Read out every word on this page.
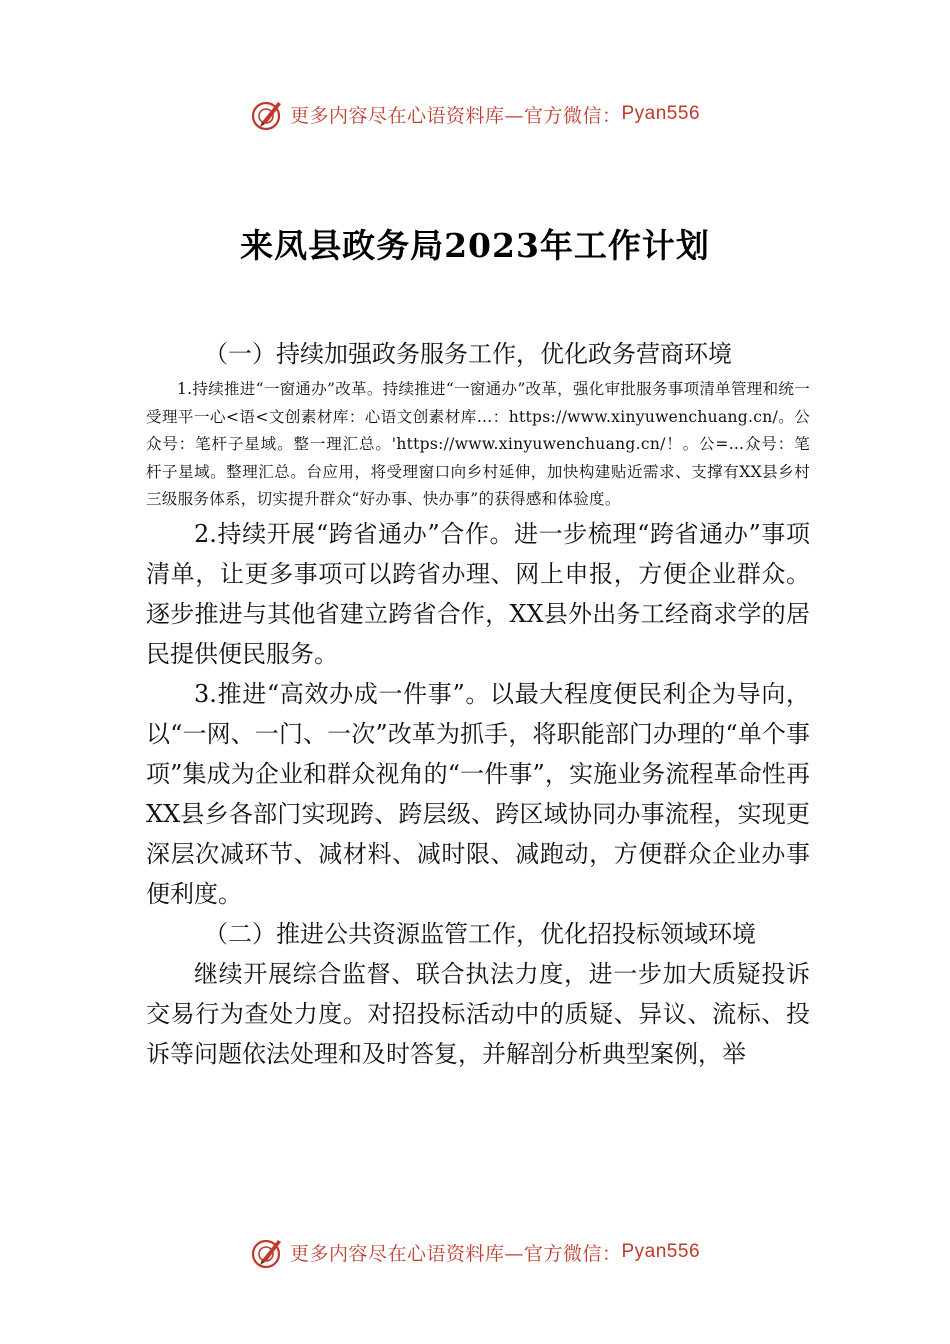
更多内容尽在心语资料库—官方微信： Pyan556
来凤县政务局2023年工作计划

（一）持续加强政务服务工作，优化政务营商环境

1.持续推进“一窗通办”改革。持续推进“一窗通办”改革，强化审批服务事项清单管理和统一受理平一心<语<文创素材库：心语文创素材库…：https://www.xinyuwenchuang.cn/。公众号：笔杆子星域。整一理汇总。'https://www.xinyuwenchuang.cn/！。公=…众号：笔杆子星域。整理汇总。台应用，将受理窗口向乡村延伸，加快构建贴近需求、支撑有XX县乡村三级服务体系，切实提升群众“好办事、快办事”的获得感和体验度。

2.持续开展“跨省通办”合作。进一步梳理“跨省通办”事项清单，让更多事项可以跨省办理、网上申报，方便企业群众。逐步推进与其他省建立跨省合作，XX县外出务工经商求学的居民提供便民服务。

3.推进“高效办成一件事”。以最大程度便民利企为导向，以“一网、一门、一次”改革为抓手，将职能部门办理的“单个事项”集成为企业和群众视角的“一件事”，实施业务流程革命性再XX县乡各部门实现跨、跨层级、跨区域协同办事流程，实现更深层次减环节、减材料、减时限、减跑动，方便群众企业办事便利度。

（二）推进公共资源监管工作，优化招投标领域环境

继续开展综合监督、联合执法力度，进一步加大质疑投诉交易行为查处力度。对招投标活动中的质疑、异议、流标、投诉等问题依法处理和及时答复，并解剖分析典型案例，举

更多内容尽在心语资料库—官方微信： Pyan556
